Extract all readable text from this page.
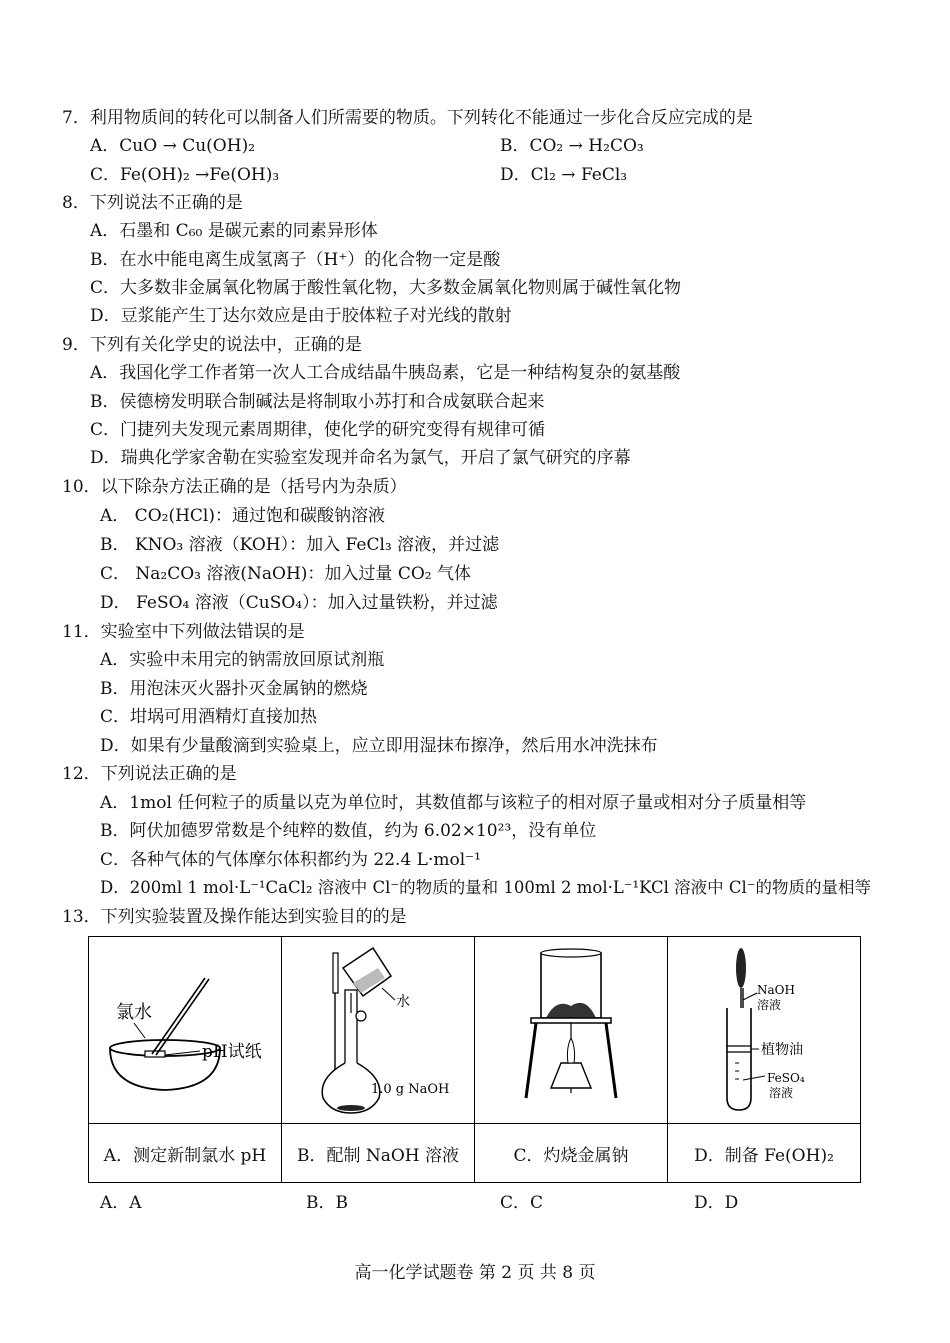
7．利用物质间的转化可以制备人们所需要的物质。下列转化不能通过一步化合反应完成的是
A．CuO → Cu(OH)₂	B．CO₂ → H₂CO₃
C．Fe(OH)₂ →Fe(OH)₃	D．Cl₂ → FeCl₃
8．下列说法不正确的是
A．石墨和 C₆₀ 是碳元素的同素异形体
B．在水中能电离生成氢离子（H⁺）的化合物一定是酸
C．大多数非金属氧化物属于酸性氧化物，大多数金属氧化物则属于碱性氧化物
D．豆浆能产生丁达尔效应是由于胶体粒子对光线的散射
9．下列有关化学史的说法中，正确的是
A．我国化学工作者第一次人工合成结晶牛胰岛素，它是一种结构复杂的氨基酸
B．侯德榜发明联合制碱法是将制取小苏打和合成氨联合起来
C．门捷列夫发现元素周期律，使化学的研究变得有规律可循
D．瑞典化学家舍勒在实验室发现并命名为氯气，开启了氯气研究的序幕
10．以下除杂方法正确的是（括号内为杂质）
A． CO₂(HCl)：通过饱和碳酸钠溶液
B． KNO₃ 溶液（KOH）：加入 FeCl₃ 溶液，并过滤
C． Na₂CO₃ 溶液(NaOH)：加入过量 CO₂ 气体
D． FeSO₄ 溶液（CuSO₄）：加入过量铁粉，并过滤
11．实验室中下列做法错误的是
A．实验中未用完的钠需放回原试剂瓶
B．用泡沫灭火器扑灭金属钠的燃烧
C．坩埚可用酒精灯直接加热
D．如果有少量酸滴到实验桌上，应立即用湿抹布擦净，然后用水冲洗抹布
12．下列说法正确的是
A．1mol 任何粒子的质量以克为单位时，其数值都与该粒子的相对原子量或相对分子质量相等
B．阿伏加德罗常数是个纯粹的数值，约为 6.02×10²³，没有单位
C．各种气体的气体摩尔体积都约为 22.4 L·mol⁻¹
D．200ml 1 mol·L⁻¹CaCl₂ 溶液中 Cl⁻的物质的量和 100ml 2 mol·L⁻¹KCl 溶液中 Cl⁻的物质的量相等
13．下列实验装置及操作能达到实验目的的是
氯水
pH试纸	水
1.0 g NaOH		NaOH
溶液
植物油
FeSO₄
溶液

A．测定新制氯水 pH	B．配制 NaOH 溶液	C．灼烧金属钠	D．制备 Fe(OH)₂
A．A	B．B	C．C	D．D
高一化学试题卷 第 2 页 共 8 页
